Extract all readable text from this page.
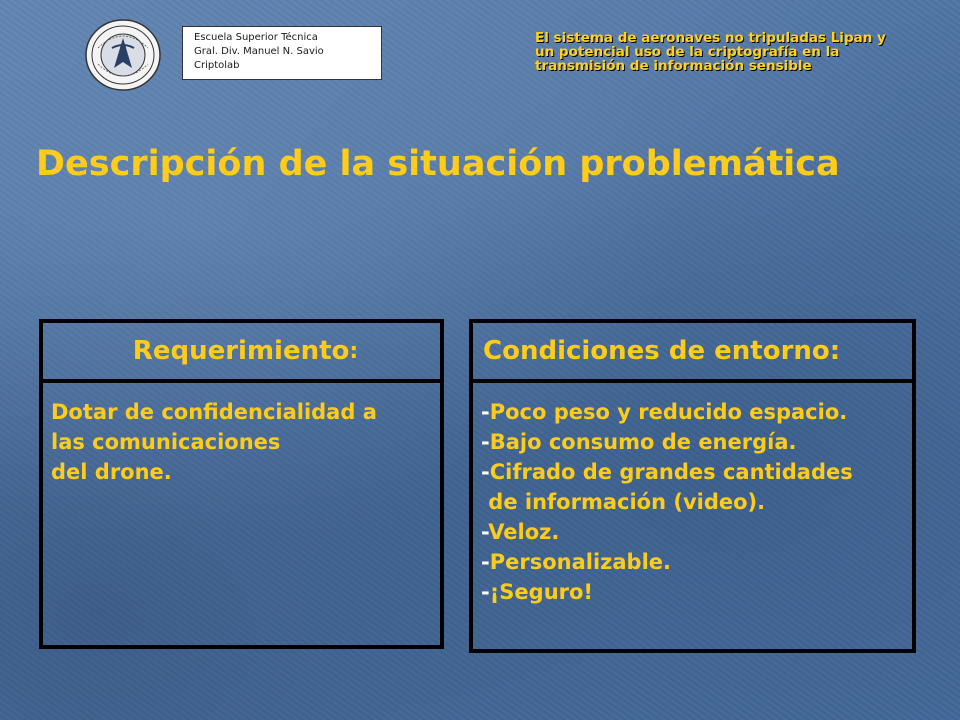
Escuela Superior Técnica
Gral. Div. Manuel N. Savio
Criptolab
El sistema de aeronaves no tripuladas Lipan y
un potencial uso de la criptografía en la
transmisión de información sensible
Descripción de la situación problemática
Requerimiento :
Dotar de confidencialidad a
las comunicaciones
del drone.
Condiciones de entorno:
-Poco peso y reducido espacio.
-Bajo consumo de energía.
-Cifrado de grandes cantidades
de información (video).
-Veloz.
-Personalizable.
-¡Seguro!
